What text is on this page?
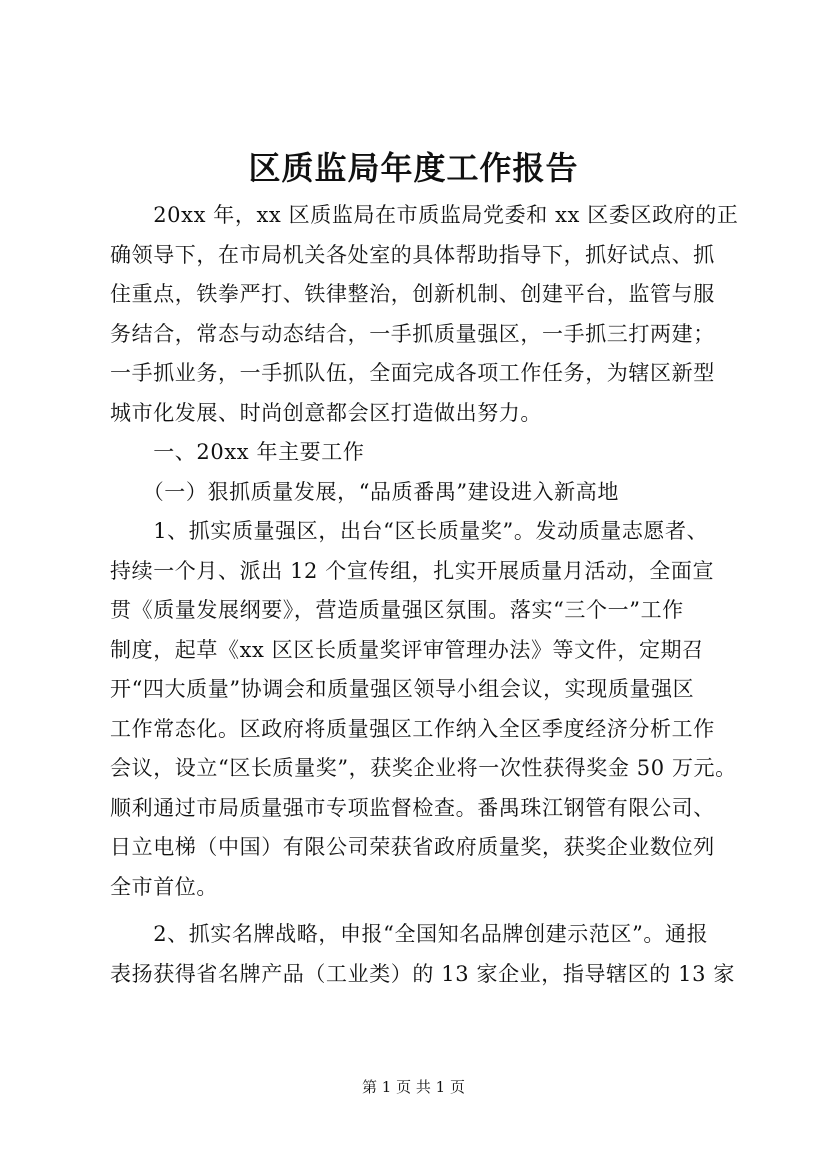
区质监局年度工作报告
　　20xx 年，xx 区质监局在市质监局党委和 xx 区委区政府的正
确领导下，在市局机关各处室的具体帮助指导下，抓好试点、抓
住重点，铁拳严打、铁律整治，创新机制、创建平台，监管与服
务结合，常态与动态结合，一手抓质量强区，一手抓三打两建；
一手抓业务，一手抓队伍，全面完成各项工作任务，为辖区新型
城市化发展、时尚创意都会区打造做出努力。
　　一、20xx 年主要工作
　　（一）狠抓质量发展，“品质番禺”建设进入新高地
　　1、抓实质量强区，出台“区长质量奖”。发动质量志愿者、
持续一个月、派出 12 个宣传组，扎实开展质量月活动，全面宣
贯《质量发展纲要》，营造质量强区氛围。落实“三个一”工作
制度，起草《xx 区区长质量奖评审管理办法》等文件，定期召
开“四大质量”协调会和质量强区领导小组会议，实现质量强区
工作常态化。区政府将质量强区工作纳入全区季度经济分析工作
会议，设立“区长质量奖”，获奖企业将一次性获得奖金 50 万元。
顺利通过市局质量强市专项监督检查。番禺珠江钢管有限公司、
日立电梯（中国）有限公司荣获省政府质量奖，获奖企业数位列
全市首位。
　　2、抓实名牌战略，申报“全国知名品牌创建示范区”。通报
表扬获得省名牌产品（工业类）的 13 家企业，指导辖区的 13 家
第 1 页 共 1 页
